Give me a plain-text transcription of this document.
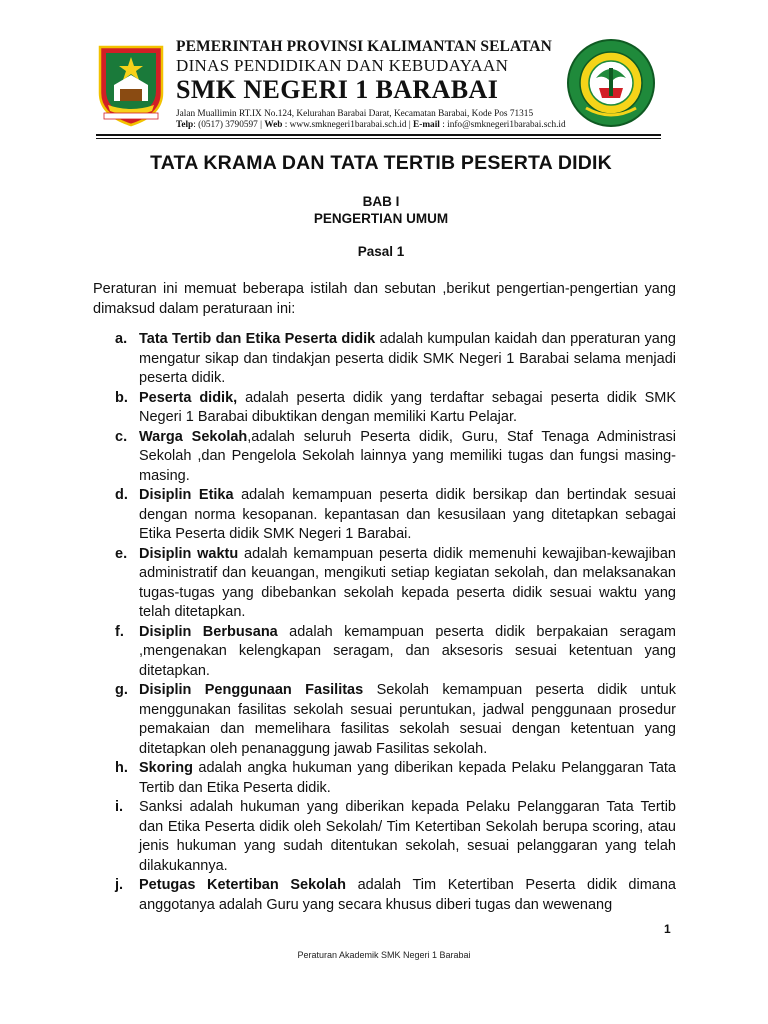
PEMERINTAH PROVINSI KALIMANTAN SELATAN
DINAS PENDIDIKAN DAN KEBUDAYAAN
SMK NEGERI 1 BARABAI
Jalan Muallimin RT.IX No.124, Kelurahan Barabai Darat, Kecamatan Barabai, Kode Pos 71315
Telp: (0517) 3790597 | Web : www.smknegeri1barabai.sch.id | E-mail : info@smknegeri1barabai.sch.id
TATA KRAMA DAN TATA TERTIB PESERTA DIDIK
BAB I
PENGERTIAN UMUM
Pasal 1
Peraturan ini memuat beberapa istilah dan sebutan ,berikut pengertian-pengertian yang dimaksud dalam peraturaan ini:
a. Tata Tertib dan Etika Peserta didik adalah kumpulan kaidah dan pperaturan yang mengatur sikap dan tindakjan peserta didik SMK Negeri 1 Barabai selama menjadi peserta didik.
b. Peserta didik, adalah peserta didik yang terdaftar sebagai peserta didik SMK Negeri 1 Barabai dibuktikan dengan memiliki Kartu Pelajar.
c. Warga Sekolah,adalah seluruh Peserta didik, Guru, Staf Tenaga Administrasi Sekolah ,dan Pengelola Sekolah lainnya yang memiliki tugas dan fungsi masing-masing.
d. Disiplin Etika adalah kemampuan peserta didik bersikap dan bertindak sesuai dengan norma kesopanan. kepantasan dan kesusilaan yang ditetapkan sebagai Etika Peserta didik SMK Negeri 1 Barabai.
e. Disiplin waktu adalah kemampuan peserta didik memenuhi kewajiban-kewajiban administratif dan keuangan, mengikuti setiap kegiatan sekolah, dan melaksanakan tugas-tugas yang dibebankan sekolah kepada peserta didik sesuai waktu yang telah ditetapkan.
f. Disiplin Berbusana adalah kemampuan peserta didik berpakaian seragam ,mengenakan kelengkapan seragam, dan aksesoris sesuai ketentuan yang ditetapkan.
g. Disiplin Penggunaan Fasilitas Sekolah kemampuan peserta didik untuk menggunakan fasilitas sekolah sesuai peruntukan, jadwal penggunaan prosedur pemakaian dan memelihara fasilitas sekolah sesuai dengan ketentuan yang ditetapkan oleh penanaggung jawab Fasilitas sekolah.
h. Skoring adalah angka hukuman yang diberikan kepada Pelaku Pelanggaran Tata Tertib dan Etika Peserta didik.
i. Sanksi adalah hukuman yang diberikan kepada Pelaku Pelanggaran Tata Tertib dan Etika Peserta didik oleh Sekolah/ Tim Ketertiban Sekolah berupa scoring, atau jenis hukuman yang sudah ditentukan sekolah, sesuai pelanggaran yang telah dilakukannya.
j. Petugas Ketertiban Sekolah adalah Tim Ketertiban Peserta didik dimana anggotanya adalah Guru yang secara khusus diberi tugas dan wewenang
1
Peraturan Akademik SMK Negeri 1 Barabai
